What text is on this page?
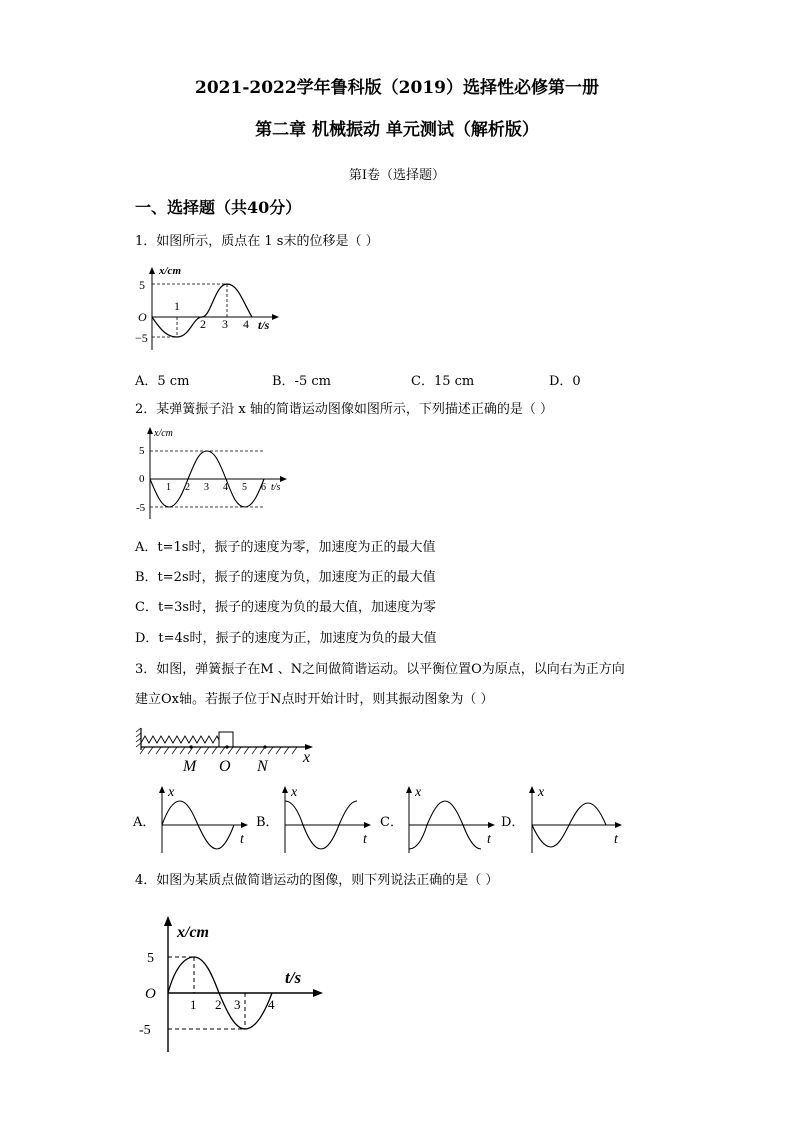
2021-2022学年鲁科版（2019）选择性必修第一册
第二章 机械振动 单元测试（解析版）
第Ⅰ卷（选择题）
一、选择题（共40分）
1．如图所示，质点在 1 s末的位移是（ ）
x/cm
5
O
−5
1
2 3 4 t/s
A．5 cm	B．-5 cm	C．15 cm	D．0
2．某弹簧振子沿 x 轴的简谐运动图像如图所示，下列描述正确的是（ ）
x/cm
5
0
-5
1 2 3 4 5 6 t/s
A．t=1s时，振子的速度为零，加速度为正的最大值
B．t=2s时，振子的速度为负，加速度为正的最大值
C．t=3s时，振子的速度为负的最大值，加速度为零
D．t=4s时，振子的速度为正，加速度为负的最大值
3．如图，弹簧振子在M 、N之间做简谐运动。以平衡位置O为原点，以向右为正方向
建立Ox轴。若振子位于N点时开始计时，则其振动图象为（ ）
M O N
x
A．
x
t
B．
x
t
C．
x
t
D．
x
t
4．如图为某质点做简谐运动的图像，则下列说法正确的是（ ）
x/cm
5
O
-5
1 2 3 4
t/s
